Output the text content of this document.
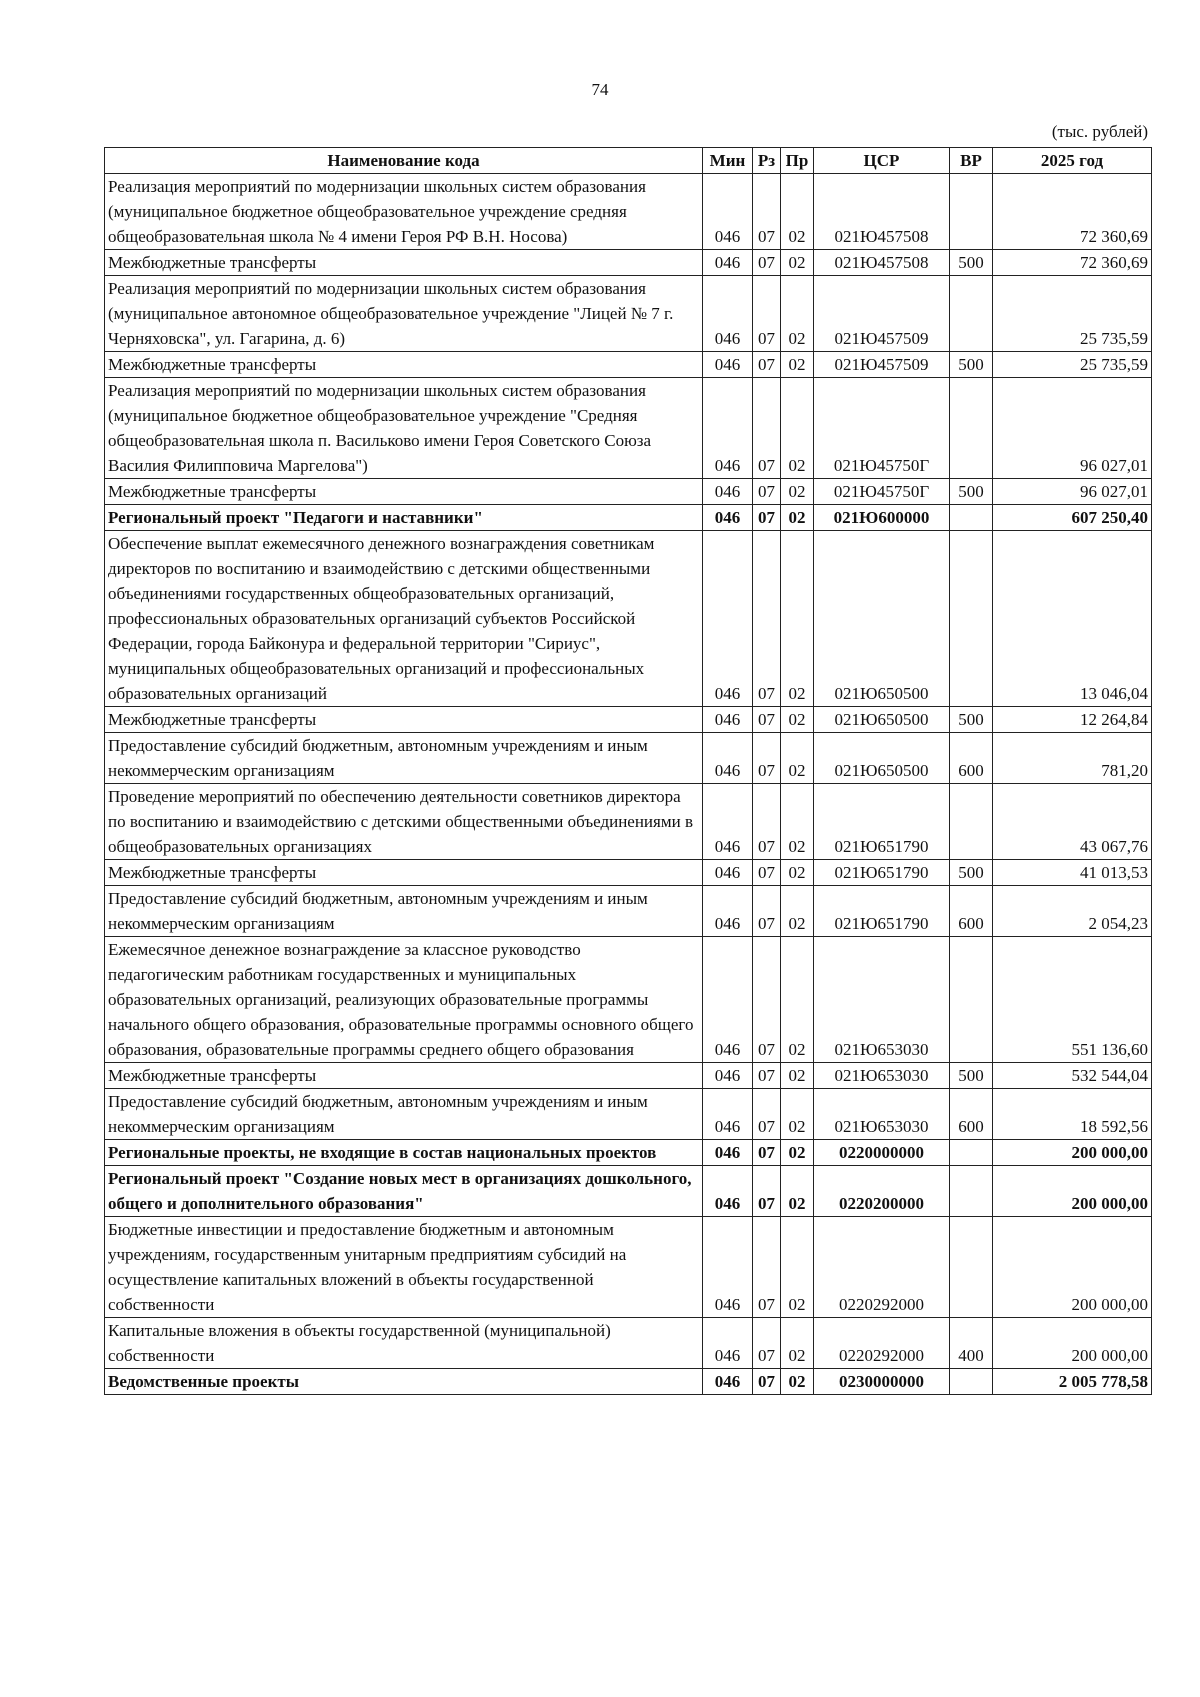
74
(тыс. рублей)
Наименование кода	Мин	Рз	Пр	ЦСР	ВР	2025 год
Реализация мероприятий по модернизации школьных систем образования (муниципальное бюджетное общеобразовательное учреждение средняя общеобразовательная школа № 4 имени Героя РФ В.Н. Носова)	046	07	02	021Ю457508		72 360,69
Межбюджетные трансферты	046	07	02	021Ю457508	500	72 360,69
Реализация мероприятий по модернизации школьных систем образования (муниципальное автономное общеобразовательное учреждение "Лицей № 7 г. Черняховска", ул. Гагарина, д. 6)	046	07	02	021Ю457509		25 735,59
Межбюджетные трансферты	046	07	02	021Ю457509	500	25 735,59
Реализация мероприятий по модернизации школьных систем образования (муниципальное бюджетное общеобразовательное учреждение "Средняя общеобразовательная школа п. Васильково имени Героя Советского Союза Василия Филипповича Маргелова")	046	07	02	021Ю45750Г		96 027,01
Межбюджетные трансферты	046	07	02	021Ю45750Г	500	96 027,01
Региональный проект "Педагоги и наставники"	046	07	02	021Ю600000		607 250,40
Обеспечение выплат ежемесячного денежного вознаграждения советникам директоров по воспитанию и взаимодействию с детскими общественными объединениями государственных общеобразовательных организаций, профессиональных образовательных организаций субъектов Российской Федерации, города Байконура и федеральной территории "Сириус", муниципальных общеобразовательных организаций и профессиональных образовательных организаций	046	07	02	021Ю650500		13 046,04
Межбюджетные трансферты	046	07	02	021Ю650500	500	12 264,84
Предоставление субсидий бюджетным, автономным учреждениям и иным некоммерческим организациям	046	07	02	021Ю650500	600	781,20
Проведение мероприятий по обеспечению деятельности советников директора по воспитанию и взаимодействию с детскими общественными объединениями в общеобразовательных организациях	046	07	02	021Ю651790		43 067,76
Межбюджетные трансферты	046	07	02	021Ю651790	500	41 013,53
Предоставление субсидий бюджетным, автономным учреждениям и иным некоммерческим организациям	046	07	02	021Ю651790	600	2 054,23
Ежемесячное денежное вознаграждение за классное руководство педагогическим работникам государственных и муниципальных образовательных организаций, реализующих образовательные программы начального общего образования, образовательные программы основного общего образования, образовательные программы среднего общего образования	046	07	02	021Ю653030		551 136,60
Межбюджетные трансферты	046	07	02	021Ю653030	500	532 544,04
Предоставление субсидий бюджетным, автономным учреждениям и иным некоммерческим организациям	046	07	02	021Ю653030	600	18 592,56
Региональные проекты, не входящие в состав национальных проектов	046	07	02	0220000000		200 000,00
Региональный проект "Создание новых мест в организациях дошкольного, общего и дополнительного образования"	046	07	02	0220200000		200 000,00
Бюджетные инвестиции и предоставление бюджетным и автономным учреждениям, государственным унитарным предприятиям субсидий на осуществление капитальных вложений в объекты государственной собственности	046	07	02	0220292000		200 000,00
Капитальные вложения в объекты государственной (муниципальной) собственности	046	07	02	0220292000	400	200 000,00
Ведомственные проекты	046	07	02	0230000000		2 005 778,58
